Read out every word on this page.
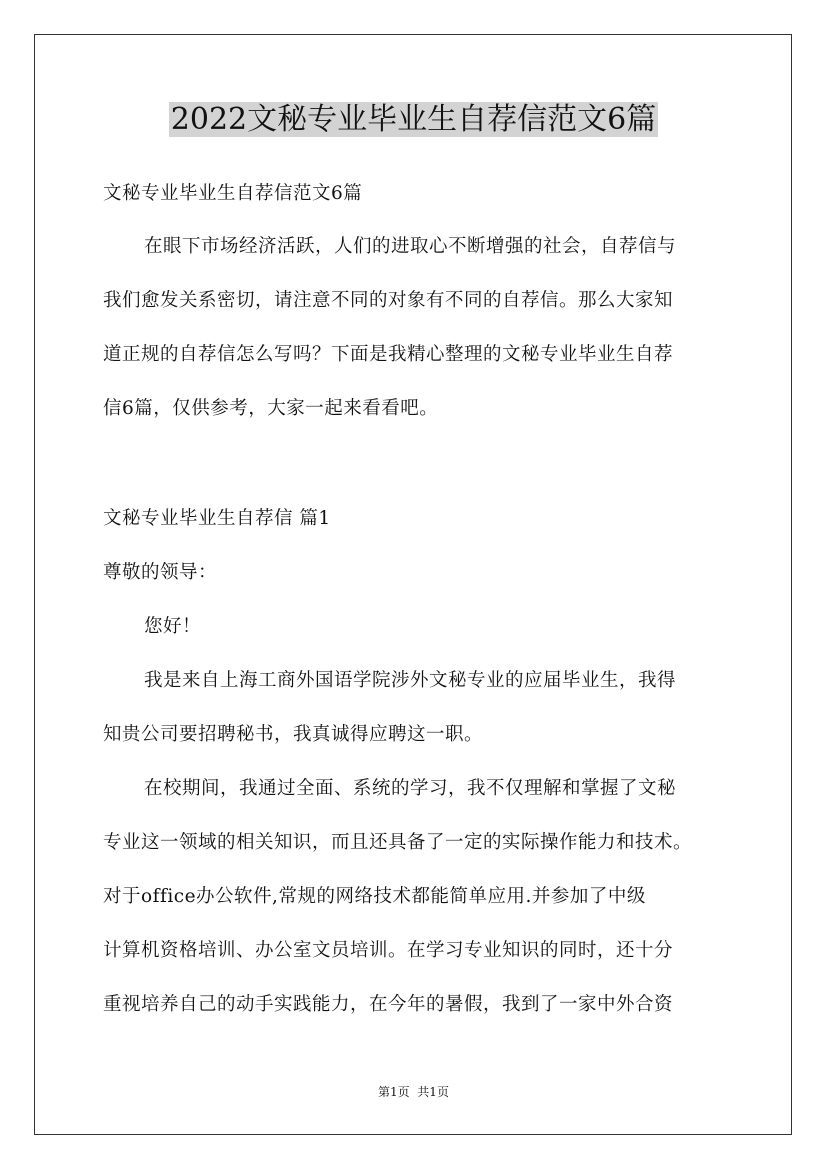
2022文秘专业毕业生自荐信范文6篇

文秘专业毕业生自荐信范文6篇

在眼下市场经济活跃，人们的进取心不断增强的社会，自荐信与

我们愈发关系密切，请注意不同的对象有不同的自荐信。那么大家知

道正规的自荐信怎么写吗？下面是我精心整理的文秘专业毕业生自荐

信6篇，仅供参考，大家一起来看看吧。

文秘专业毕业生自荐信 篇1

尊敬的领导：

您好！

我是来自上海工商外国语学院涉外文秘专业的应届毕业生，我得

知贵公司要招聘秘书，我真诚得应聘这一职。

在校期间，我通过全面、系统的学习，我不仅理解和掌握了文秘

专业这一领域的相关知识，而且还具备了一定的实际操作能力和技术。

对于office办公软件,常规的网络技术都能简单应用.并参加了中级

计算机资格培训、办公室文员培训。在学习专业知识的同时，还十分

重视培养自己的动手实践能力，在今年的暑假，我到了一家中外合资

第1页  共1页
